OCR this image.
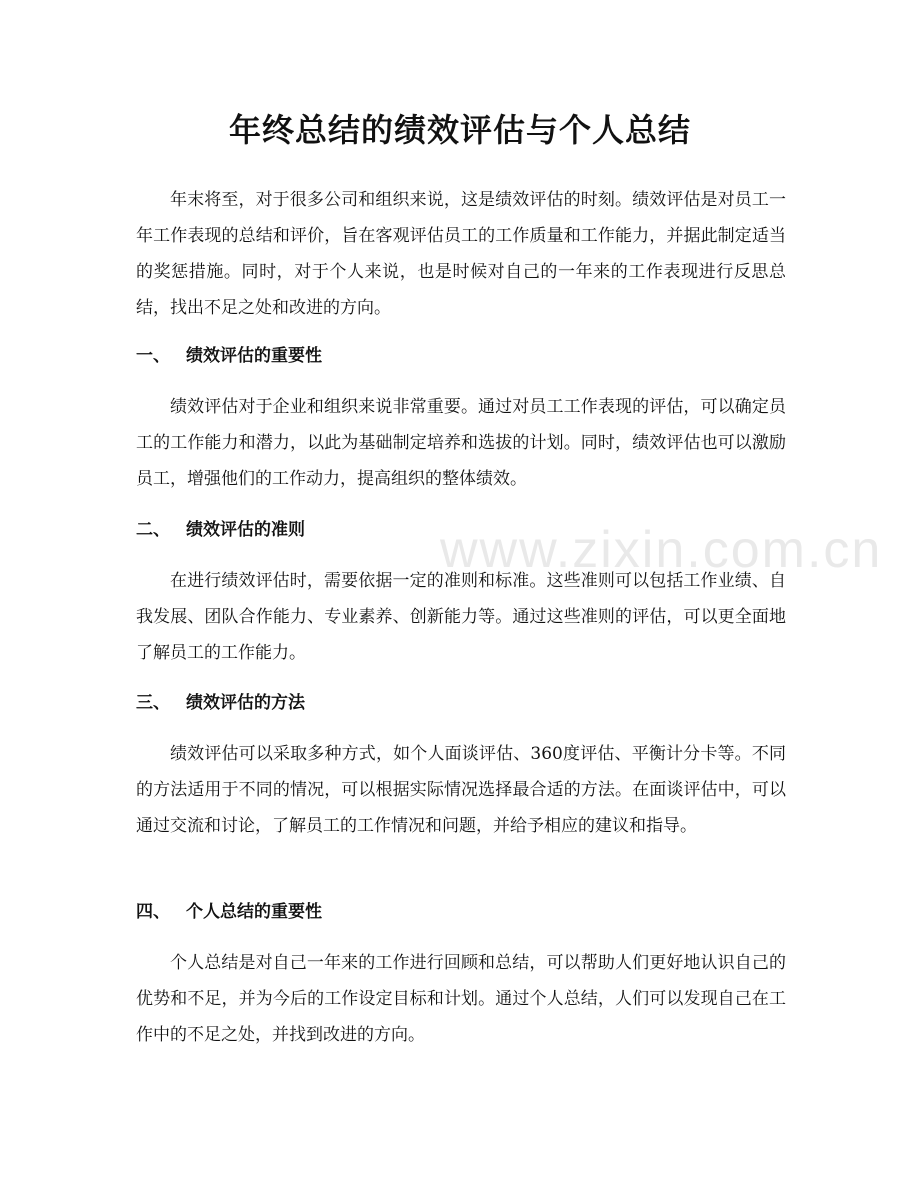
www.zixin.com.cn
年终总结的绩效评估与个人总结

年末将至，对于很多公司和组织来说，这是绩效评估的时刻。绩效评估是对员工一年工作表现的总结和评价，旨在客观评估员工的工作质量和工作能力，并据此制定适当的奖惩措施。同时，对于个人来说，也是时候对自己的一年来的工作表现进行反思总结，找出不足之处和改进的方向。

一、 绩效评估的重要性

绩效评估对于企业和组织来说非常重要。通过对员工工作表现的评估，可以确定员工的工作能力和潜力，以此为基础制定培养和选拔的计划。同时，绩效评估也可以激励员工，增强他们的工作动力，提高组织的整体绩效。

二、 绩效评估的准则

在进行绩效评估时，需要依据一定的准则和标准。这些准则可以包括工作业绩、自我发展、团队合作能力、专业素养、创新能力等。通过这些准则的评估，可以更全面地了解员工的工作能力。

三、 绩效评估的方法

绩效评估可以采取多种方式，如个人面谈评估、360度评估、平衡计分卡等。不同的方法适用于不同的情况，可以根据实际情况选择最合适的方法。在面谈评估中，可以通过交流和讨论，了解员工的工作情况和问题，并给予相应的建议和指导。

四、 个人总结的重要性

个人总结是对自己一年来的工作进行回顾和总结，可以帮助人们更好地认识自己的优势和不足，并为今后的工作设定目标和计划。通过个人总结，人们可以发现自己在工作中的不足之处，并找到改进的方向。
